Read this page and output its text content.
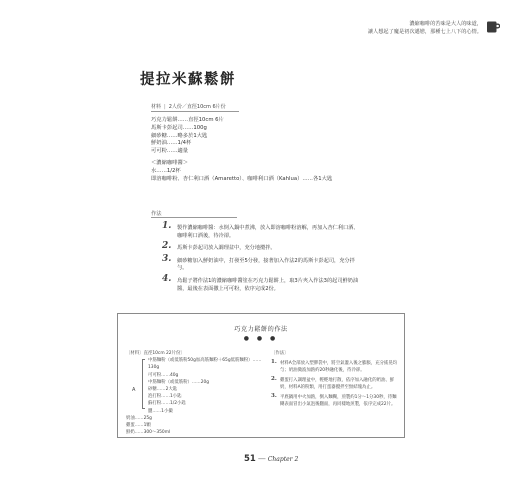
濃縮咖啡的苦味是大人的味道，
讓人想起了魔是初次邁戀，那種七上八下的心情。
提拉米蘇鬆餅
材料 | 2人份／直徑10cm 6片份
巧克力鬆餅……直徑10cm 6片
馬斯卡彭起司……100g
細砂糖……略多於1大匙
鮮奶油……1/4杯
可可粉……適量
＜濃縮咖啡醬＞
水……1/2杯
即溶咖啡粉、杏仁利口酒（Amaretto）、咖啡利口酒（Kahlua）……各1大匙
作法
1. 製作濃縮咖啡醬：水倒入鍋中煮沸，放入即溶咖啡粉溶解，再加入杏仁利口酒、咖啡利口酒後，待冷卻。
2. 馬斯卡彭起司放入調理盆中，充分地攪拌。
3. 細砂糖加入鮮奶油中，打發至5分發，接著加入作法2的馬斯卡彭起司，充分拌勻。
4. 烏鬆子將作法1的濃縮咖啡醬塗在巧克力鬆餅上，取3片夾入作法3的起司鮮奶油醬，最後在表面撒上可可粉，依序完成2份。
巧克力鬆餅的作法
● ● ●
〔材料〕直徑10cm 22片份〕
中筋麵粉（或低筋粉50g加高筋麵粉＋65g低筋麵粉）……130g
可可粉……40g
中筋麵粉（或低筋粉）……20g
砂糖……2大匙
泡打粉……1小匙
蘇打粉……1/2小匙
鹽……1小撮
奶油……25g
雞蛋……1顆
鮮奶……300～350ml
A
〔作法〕
1. 材料A全部放入塑膠袋中，將空氣灌入後之膨脹，充分搖晃均勻；奶油微波加熱約20秒融化後，待冷卻。
2. 雞蛋打入調理盆中，輕輕地打散，依序加入融化的奶油、鮮奶，材料A的粉類，用打蛋器攪拌至無結塊為止。
3. 平底鍋用中火加熱，倒入麵糊，煎製約1分～1分30秒，待麵糊表面冒出小氣泡後翻面，再同樣地煎製，依序完成22片。
51 — Chapter 2
